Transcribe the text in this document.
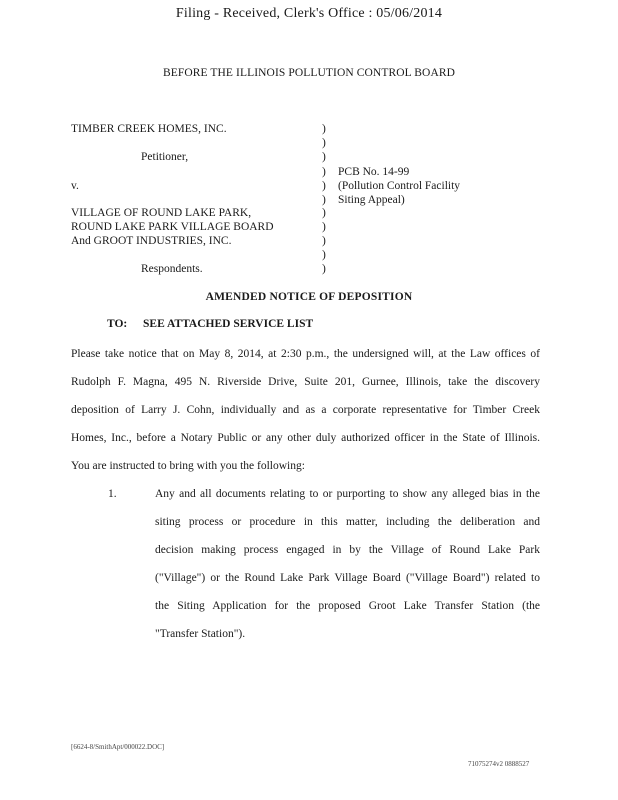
Filing - Received, Clerk's Office : 05/06/2014
BEFORE THE ILLINOIS POLLUTION CONTROL BOARD
TIMBER CREEK HOMES, INC.
Petitioner,
v.
VILLAGE OF ROUND LAKE PARK,
ROUND LAKE PARK VILLAGE BOARD
And GROOT INDUSTRIES, INC.
Respondents.
)
)
)
)
)
)
)
)
)
)
)
PCB No. 14-99
(Pollution Control Facility
Siting Appeal)
AMENDED NOTICE OF DEPOSITION
TO: SEE ATTACHED SERVICE LIST
Please take notice that on May 8, 2014, at 2:30 p.m., the undersigned will, at the Law offices of
Rudolph F. Magna, 495 N. Riverside Drive, Suite 201, Gurnee, Illinois, take the discovery
deposition of Larry J. Cohn, individually and as a corporate representative for Timber Creek
Homes, Inc., before a Notary Public or any other duly authorized officer in the State of Illinois.
You are instructed to bring with you the following:
1.	Any and all documents relating to or purporting to show any alleged bias in the
siting process or procedure in this matter, including the deliberation and
decision making process engaged in by the Village of Round Lake Park
("Village") or the Round Lake Park Village Board ("Village Board") related to
the Siting Application for the proposed Groot Lake Transfer Station (the
"Transfer Station").
[6624-8/SmithApt/000022.DOC]
71075274v2 0888527
